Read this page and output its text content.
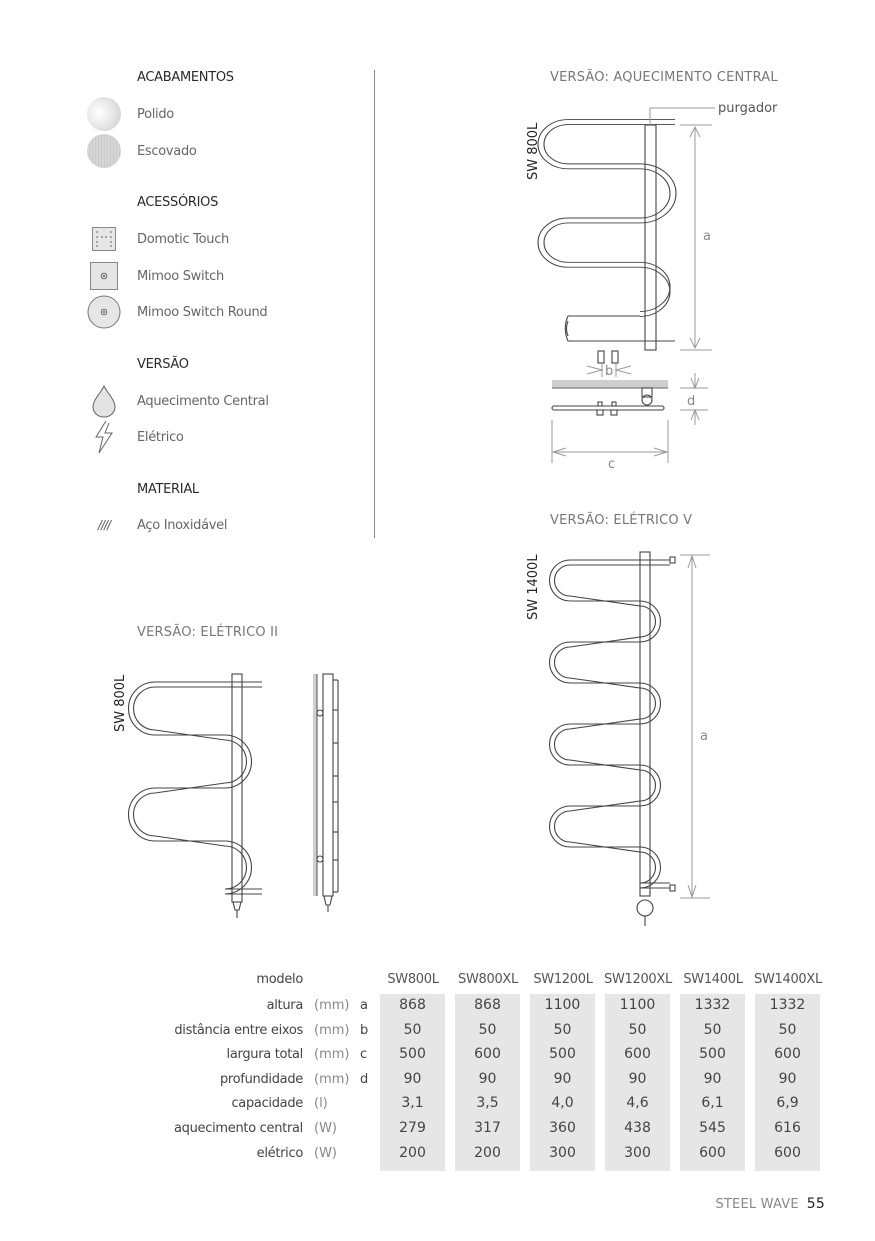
ACABAMENTOS
Polido
Escovado
ACESSÓRIOS
Domotic Touch
Mimoo Switch
Mimoo Switch Round
VERSÃO
Aquecimento Central
Elétrico
MATERIAL
//// Aço Inoxidável
VERSÃO: AQUECIMENTO CENTRAL
SW 800L
purgador
a
b
d
c
VERSÃO: ELÉTRICO V
SW 1400L
a
VERSÃO: ELÉTRICO II
SW 800L
modelo	SW800L	SW800XL	SW1200L SW1200XL SW1400L SW1400XL
altura (mm) a	868	868	1100	1100	1332	1332
distância entre eixos (mm) b	50	50	50	50	50	50
largura total (mm) c	500	600	500	600	500	600
profundidade (mm) d	90	90	90	90	90	90
capacidade (l)	3,1	3,5	4,0	4,6	6,1	6,9
aquecimento central (W)	279	317	360	438	545	616
elétrico (W)	200	200	300	300	600	600
STEEL WAVE 55
